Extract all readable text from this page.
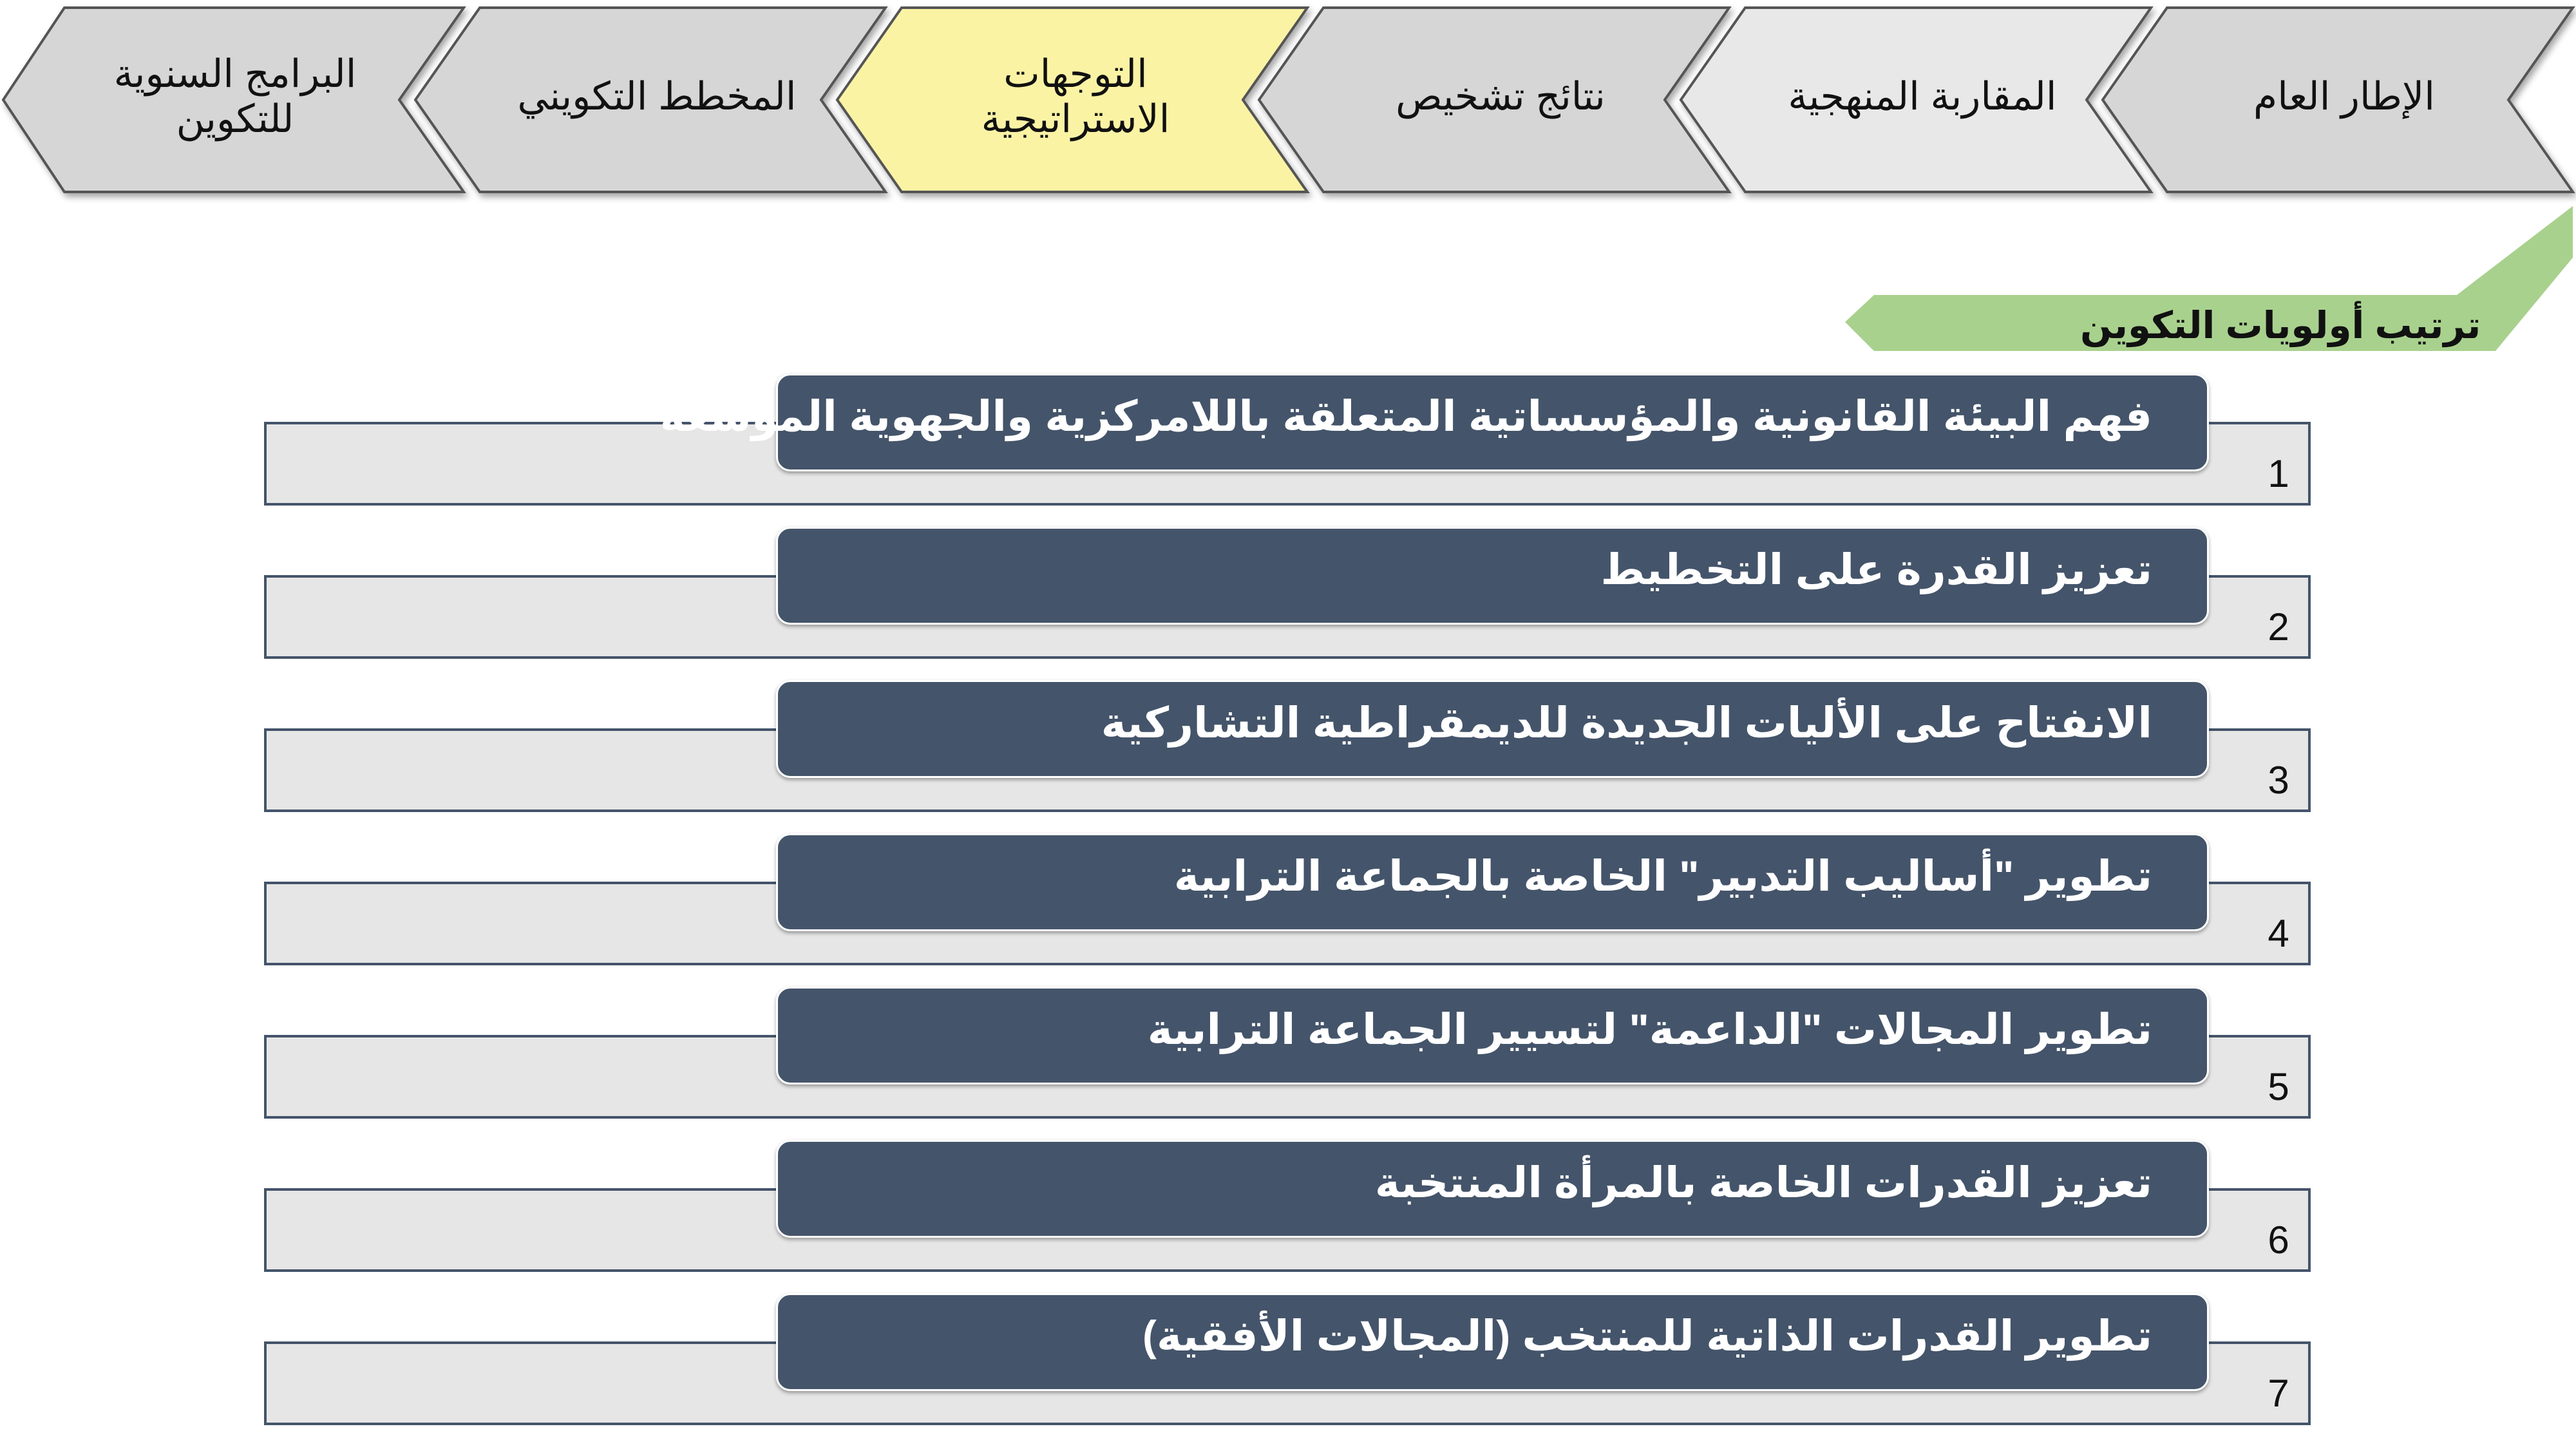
الإطار العام
المقاربة المنهجية
نتائج تشخيص
التوجهات
الاستراتيجية
المخطط التكويني
البرامج السنوية
للتكوين
ترتيب أولويات التكوين
1
فهم البيئة القانونية والمؤسساتية المتعلقة باللامركزية والجهوية الموسعة
2
تعزيز القدرة على التخطيط
3
الانفتاح على الأليات الجديدة للديمقراطية التشاركية
4
تطوير "أساليب التدبير" الخاصة بالجماعة الترابية
5
تطوير المجالات "الداعمة" لتسيير الجماعة الترابية
6
تعزيز القدرات الخاصة بالمرأة المنتخبة
7
تطوير القدرات الذاتية للمنتخب (المجالات الأفقية)
